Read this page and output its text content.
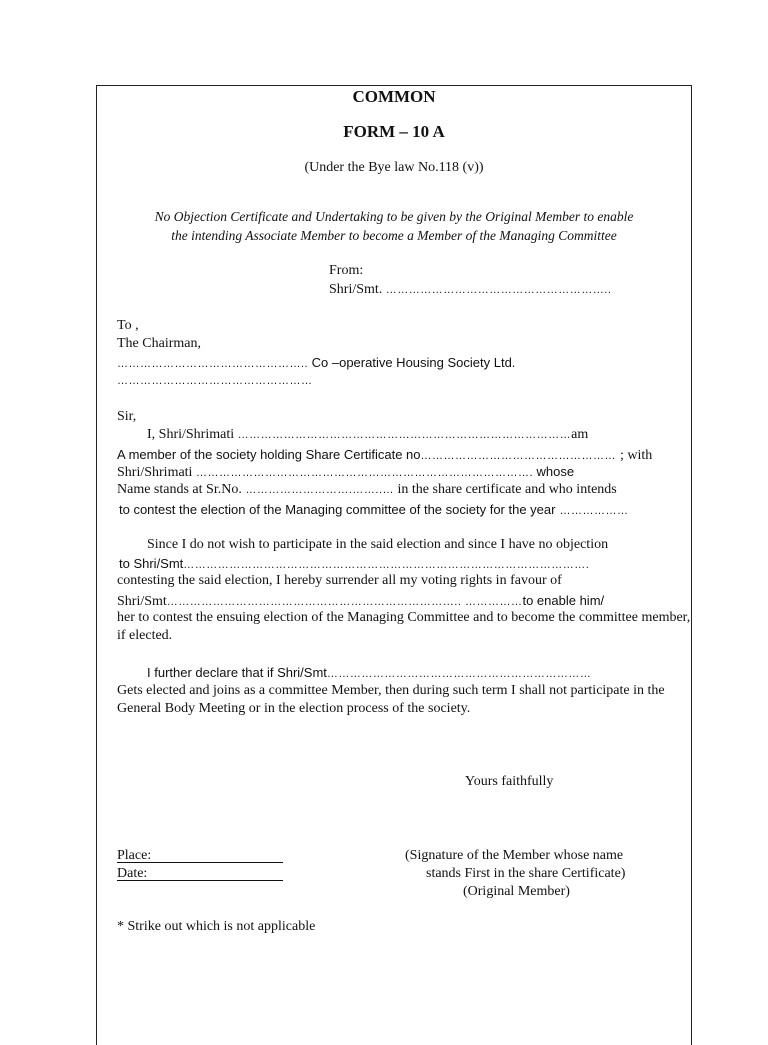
COMMON
FORM – 10 A
(Under the Bye law No.118 (v))
No Objection Certificate and Undertaking to be given by the Original Member to enable
the intending Associate Member to become a Member of the Managing Committee
From:
Shri/Smt. …………………………………………………..
To ,
The Chairman,
………………………………………….. Co –operative Housing Society Ltd.
……………………………………………
Sir,
I, Shri/Shrimati ……………………………………………………………………………am
A member of the society holding Share Certificate no…………………………………………… ; with
Shri/Shrimati ……………………………………………………………………………. whose
Name stands at Sr.No. ……………………….……..… in the share certificate and who intends
to contest the election of the Managing committee of the society for the year ………………
Since I do not wish to participate in the said election and since I have no objection
to Shri/Smt…………………………………………………………………………………………….
contesting the said election, I hereby surrender all my voting rights in favour of
Shri/Smt………………………………………………………………….. ……………to enable him/
her to contest the ensuing election of the Managing Committee and to become the committee member,
if elected.
I further declare that if Shri/Smt……………………………………………………………
Gets elected and joins as a committee Member, then during such term I shall not participate in the
General Body Meeting or in the election process of the society.
Yours faithfully
Place:
Date:
(Signature of the Member whose name
stands First in the share Certificate)
(Original Member)
* Strike out which is not applicable
